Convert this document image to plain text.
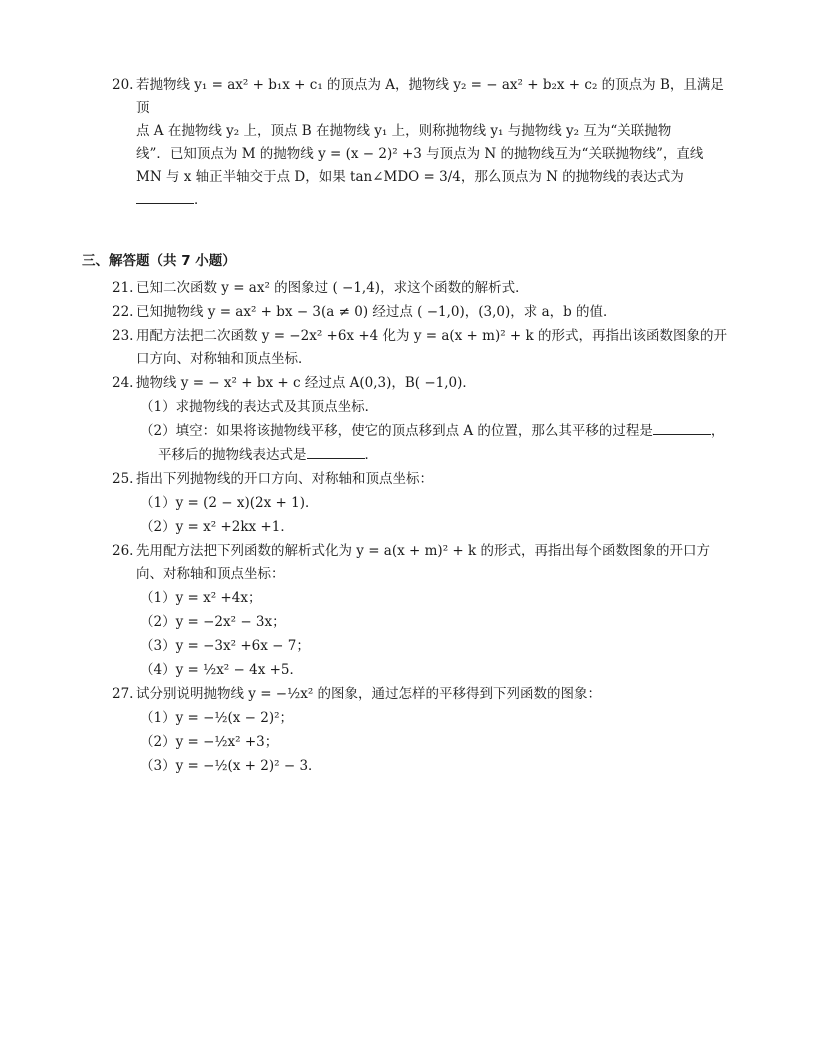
20. 若抛物线 y₁ = ax² + b₁x + c₁ 的顶点为 A，抛物线 y₂ = − ax² + b₂x + c₂ 的顶点为 B，且满足顶
点 A 在抛物线 y₂ 上，顶点 B 在抛物线 y₁ 上，则称抛物线 y₁ 与抛物线 y₂ 互为“关联抛物
线”．已知顶点为 M 的抛物线 y = (x − 2)² +3 与顶点为 N 的抛物线互为“关联抛物线”，直线
MN 与 x 轴正半轴交于点 D，如果 tan∠MDO = 3/4，那么顶点为 N 的抛物线的表达式为．
三、解答题（共 7 小题）
21. 已知二次函数 y = ax² 的图象过 ( −1,4)，求这个函数的解析式．
22. 已知抛物线 y = ax² + bx − 3(a ≠ 0) 经过点 ( −1,0)，(3,0)，求 a，b 的值．
23. 用配方法把二次函数 y = −2x² +6x +4 化为 y = a(x + m)² + k 的形式，再指出该函数图象的开
口方向、对称轴和顶点坐标．
24. 抛物线 y = − x² + bx + c 经过点 A(0,3)，B( −1,0)．
（1）求抛物线的表达式及其顶点坐标．
（2）填空：如果将该抛物线平移，使它的顶点移到点 A 的位置，那么其平移的过程是	，
平移后的抛物线表达式是	．
25. 指出下列抛物线的开口方向、对称轴和顶点坐标：
（1）y = (2 − x)(2x + 1)．
（2）y = x² +2kx +1．
26. 先用配方法把下列函数的解析式化为 y = a(x + m)² + k 的形式，再指出每个函数图象的开口方
向、对称轴和顶点坐标：
（1）y = x² +4x；
（2）y = −2x² − 3x；
（3）y = −3x² +6x − 7；
（4）y = ½x² − 4x +5．
27. 试分别说明抛物线 y = −½x² 的图象，通过怎样的平移得到下列函数的图象：
（1）y = −½(x − 2)²；
（2）y = −½x² +3；
（3）y = −½(x + 2)² − 3．
